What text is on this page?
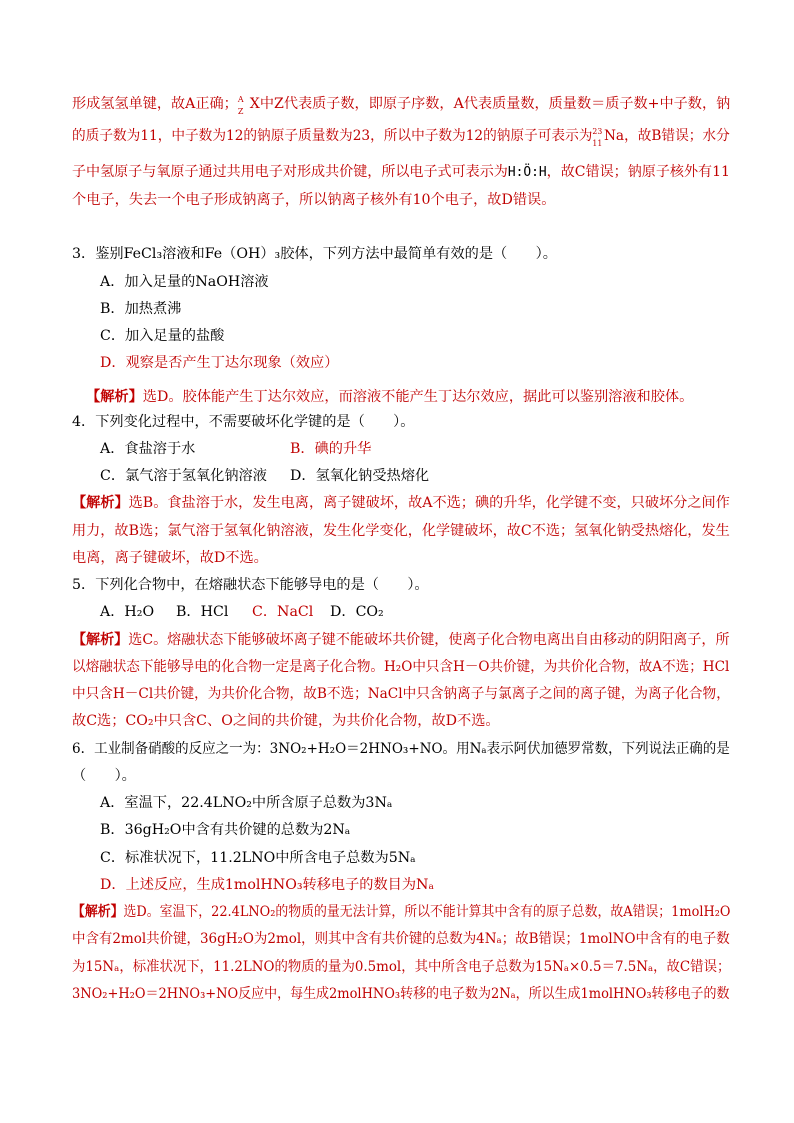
形成氢氢单键，故A正确； A
Z X中Z代表质子数，即原子序数，A代表质量数，质量数＝质子数+中子数，钠
的质子数为11，中子数为12的钠原子质量数为23，所以中子数为12的钠原子可表示为 23
11 Na，故B错误；水分
子中氢原子与氧原子通过共用电子对形成共价键，所以电子式可表示为H:Ö:H，故C错误；钠原子核外有11
个电子，失去一个电子形成钠离子，所以钠离子核外有10个电子，故D错误。
3．鉴别FeCl₃溶液和Fe（OH）₃胶体，下列方法中最简单有效的是（　　）。
A．加入足量的NaOH溶液
B．加热煮沸
C．加入足量的盐酸
D．观察是否产生丁达尔现象（效应）
【解析】选D。胶体能产生丁达尔效应，而溶液不能产生丁达尔效应，据此可以鉴别溶液和胶体。
4．下列变化过程中，不需要破坏化学键的是（　　）。
A．食盐溶于水	B．碘的升华
C．氯气溶于氢氧化钠溶液 D．氢氧化钠受热熔化
【解析】选B。食盐溶于水，发生电离，离子键破坏，故A不选；碘的升华，化学键不变，只破坏分之间作
用力，故B选；氯气溶于氢氧化钠溶液，发生化学变化，化学键破坏，故C不选；氢氧化钠受热熔化，发生
电离，离子键破坏，故D不选。
5．下列化合物中，在熔融状态下能够导电的是（　　）。
A．H₂O B．HCl C．NaCl D．CO₂
【解析】选C。熔融状态下能够破坏离子键不能破坏共价键，使离子化合物电离出自由移动的阴阳离子，所
以熔融状态下能够导电的化合物一定是离子化合物。H₂O中只含H－O共价键，为共价化合物，故A不选；HCl
中只含H－Cl共价键，为共价化合物，故B不选；NaCl中只含钠离子与氯离子之间的离子键，为离子化合物，
故C选；CO₂中只含C、O之间的共价键，为共价化合物，故D不选。
6．工业制备硝酸的反应之一为：3NO₂+H₂O＝2HNO₃+NO。用Nₐ表示阿伏加德罗常数，下列说法正确的是
（　　）。
A．室温下，22.4LNO₂中所含原子总数为3Nₐ
B．36gH₂O中含有共价键的总数为2Nₐ
C．标准状况下，11.2LNO中所含电子总数为5Nₐ
D．上述反应，生成1molHNO₃转移电子的数目为Nₐ
【解析】选D。室温下，22.4LNO₂的物质的量无法计算，所以不能计算其中含有的原子总数，故A错误；1molH₂O
中含有2mol共价键，36gH₂O为2mol，则其中含有共价键的总数为4Nₐ；故B错误；1molNO中含有的电子数
为15Nₐ，标准状况下，11.2LNO的物质的量为0.5mol，其中所含电子总数为15Nₐ×0.5＝7.5Nₐ，故C错误；
3NO₂+H₂O＝2HNO₃+NO反应中，每生成2molHNO₃转移的电子数为2Nₐ，所以生成1molHNO₃转移电子的数
